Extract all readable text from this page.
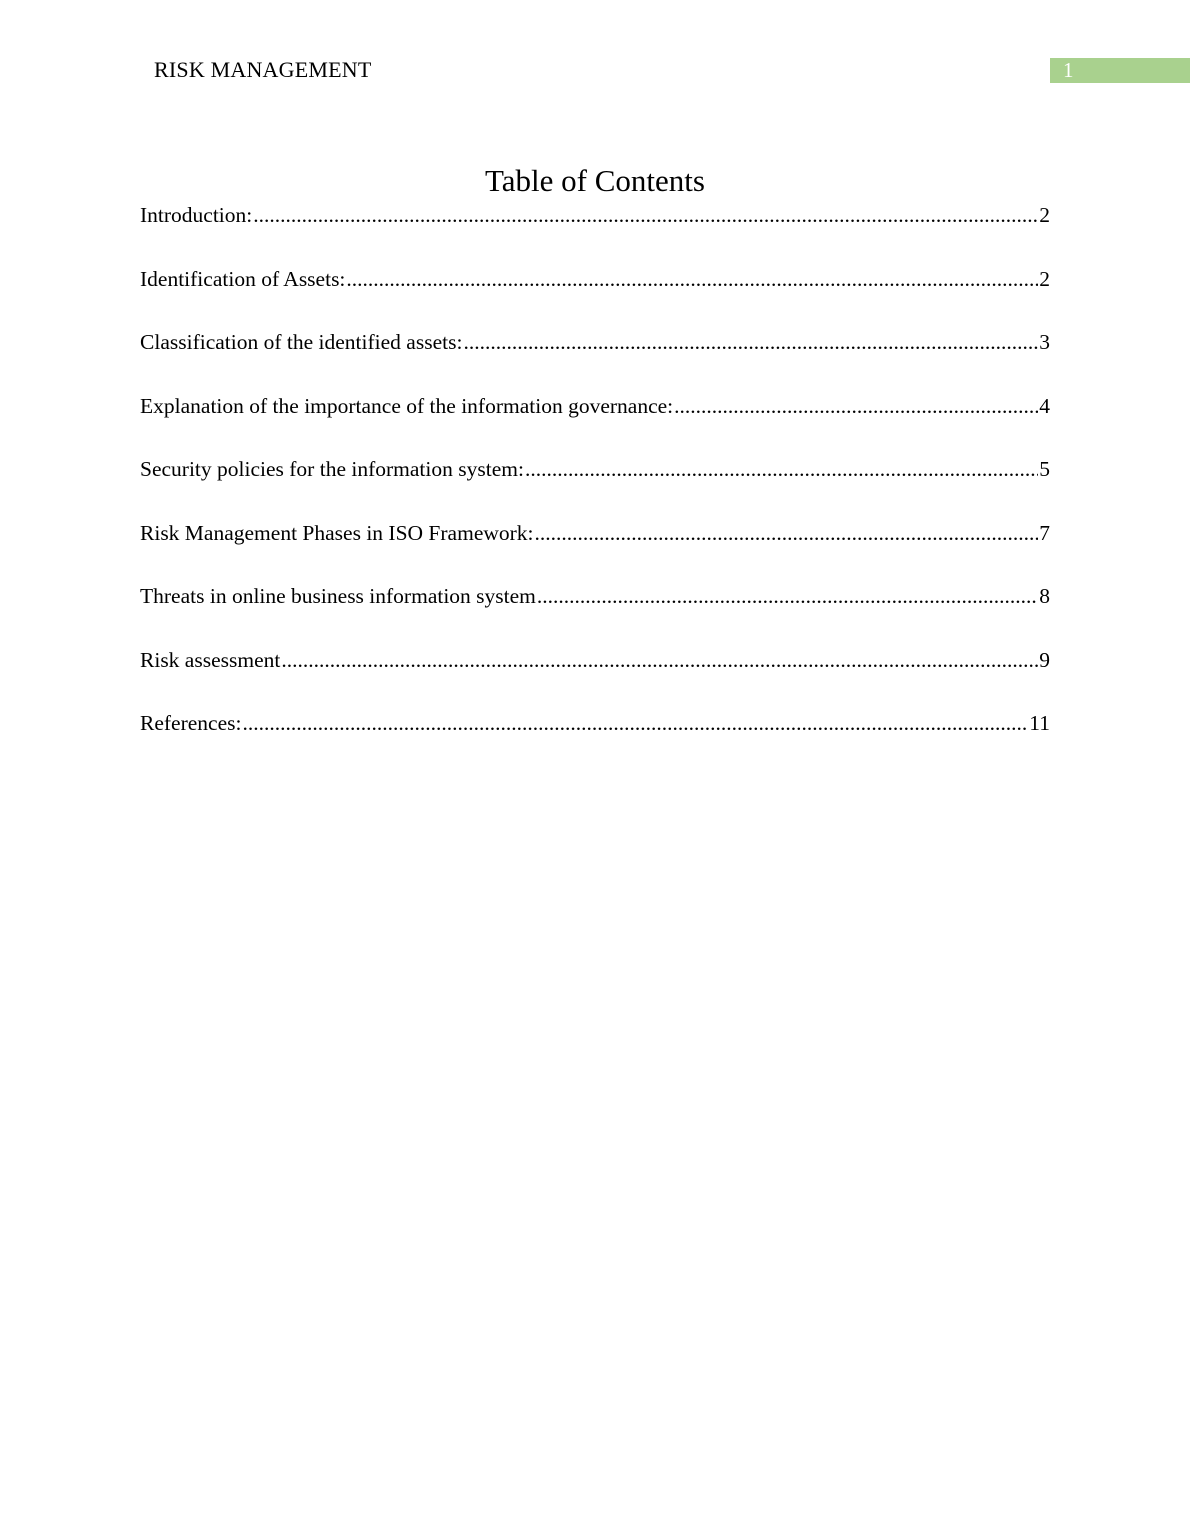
RISK MANAGEMENT	1
Table of Contents
Introduction: .....	2
Identification of Assets: .....	2
Classification of the identified assets: .....	3
Explanation of the importance of the information governance: .....	4
Security policies for the information system: .....	5
Risk Management Phases in ISO Framework: .....	7
Threats in online business information system .....	8
Risk assessment .....	9
References: .....	11
